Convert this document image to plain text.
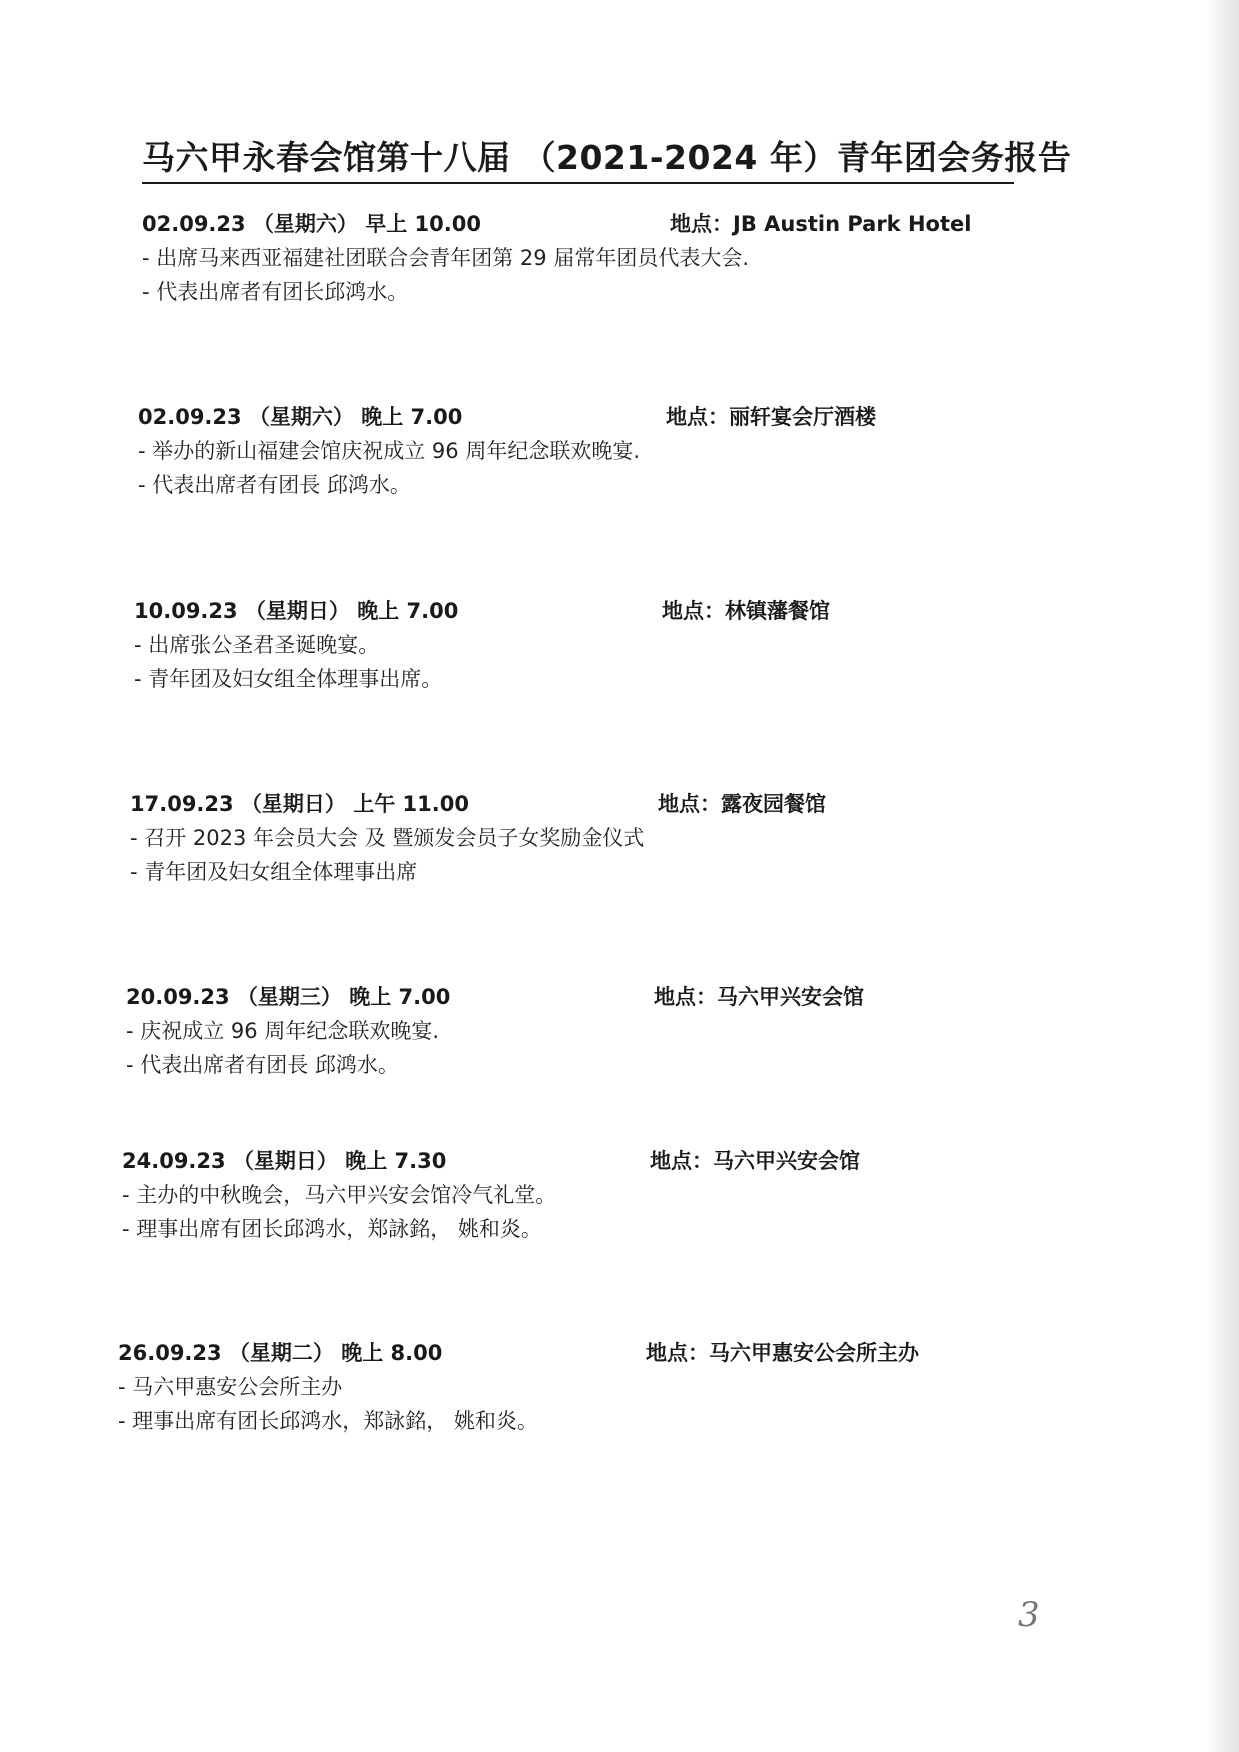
马六甲永春会馆第十八届 （2021-2024 年）青年团会务报告
02.09.23 （星期六） 早上 10.00	地点：JB Austin Park Hotel
- 出席马来西亚福建社团联合会青年团第 29 届常年团员代表大会.
- 代表出席者有团长邱鸿水。
02.09.23 （星期六） 晚上 7.00	地点：丽轩宴会厅酒楼
- 举办的新山福建会馆庆祝成立 96 周年纪念联欢晚宴.
- 代表出席者有团長 邱鸿水。
10.09.23 （星期日） 晚上 7.00	地点：林镇藩餐馆
- 出席张公圣君圣诞晚宴。
- 青年团及妇女组全体理事出席。
17.09.23 （星期日） 上午 11.00	地点：露夜园餐馆
- 召开 2023 年会员大会 及 暨颁发会员子女奖励金仪式
- 青年团及妇女组全体理事出席
20.09.23 （星期三） 晚上 7.00	地点：马六甲兴安会馆
- 庆祝成立 96 周年纪念联欢晚宴.
- 代表出席者有团長 邱鸿水。
24.09.23 （星期日） 晚上 7.30	地点：马六甲兴安会馆
- 主办的中秋晚会，马六甲兴安会馆冷气礼堂。
- 理事出席有团长邱鸿水，郑詠銘， 姚和炎。
26.09.23 （星期二） 晚上 8.00	地点：马六甲惠安公会所主办
- 马六甲惠安公会所主办
- 理事出席有团长邱鸿水，郑詠銘， 姚和炎。
3
